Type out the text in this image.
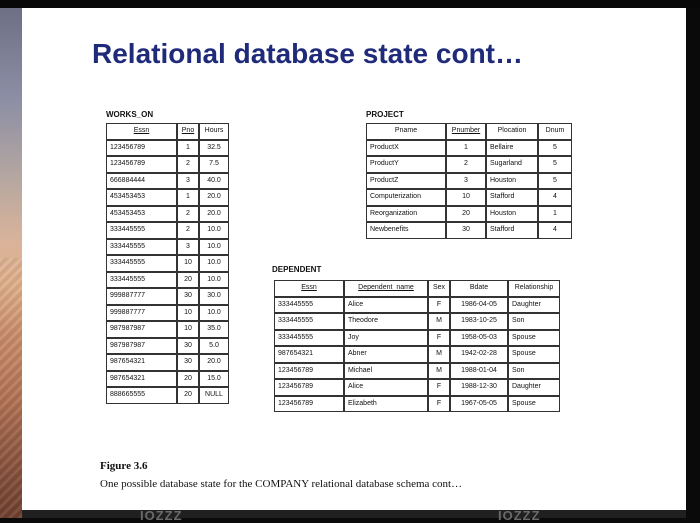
Relational database state cont…
WORKS_ON
Essn	Pno	Hours
123456789	1	32.5
123456789	2	7.5
666884444	3	40.0
453453453	1	20.0
453453453	2	20.0
333445555	2	10.0
333445555	3	10.0
333445555	10	10.0
333445555	20	10.0
999887777	30	30.0
999887777	10	10.0
987987987	10	35.0
987987987	30	5.0
987654321	30	20.0
987654321	20	15.0
888665555	20	NULL
PROJECT
Pname	Pnumber	Plocation	Dnum
ProductX	1	Bellaire	5
ProductY	2	Sugarland	5
ProductZ	3	Houston	5
Computerization	10	Stafford	4
Reorganization	20	Houston	1
Newbenefits	30	Stafford	4
DEPENDENT
Essn	Dependent_name	Sex	Bdate	Relationship
333445555	Alice	F	1986-04-05	Daughter
333445555	Theodore	M	1983-10-25	Son
333445555	Joy	F	1958-05-03	Spouse
987654321	Abner	M	1942-02-28	Spouse
123456789	Michael	M	1988-01-04	Son
123456789	Alice	F	1988-12-30	Daughter
123456789	Elizabeth	F	1967-05-05	Spouse
Figure 3.6
One possible database state for the COMPANY relational database schema cont…
IOZZZ	IOZZZ
